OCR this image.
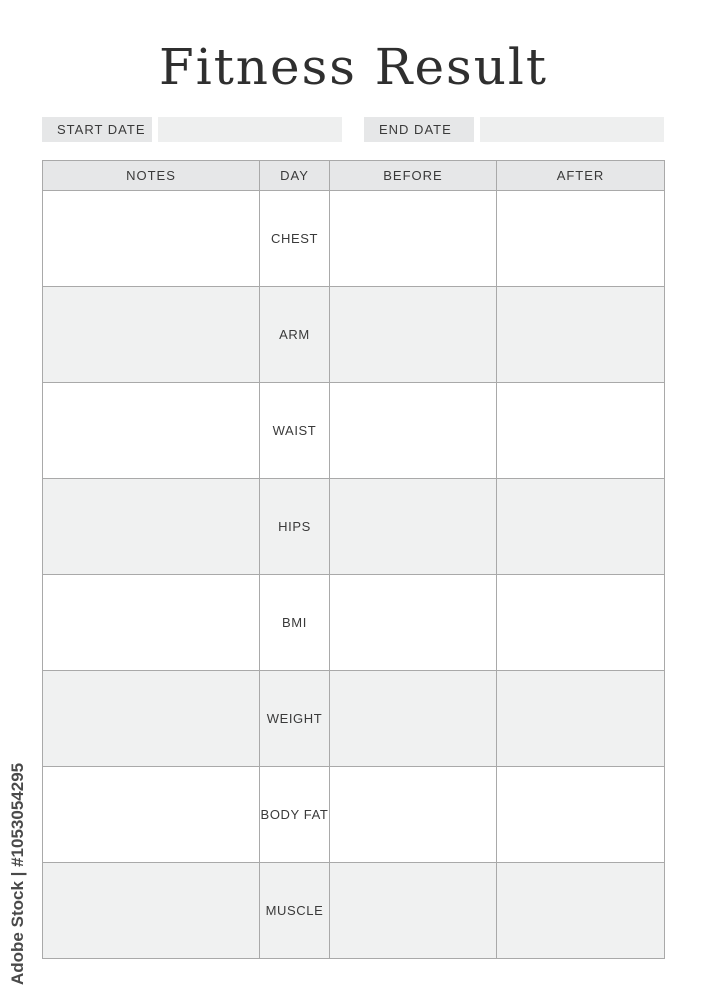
Fitness Result
START DATE	END DATE
NOTES	DAY	BEFORE	AFTER
	CHEST		
	ARM		
	WAIST		
	HIPS		
	BMI		
	WEIGHT		
	BODY FAT		
	MUSCLE		
Adobe Stock | #1053054295
